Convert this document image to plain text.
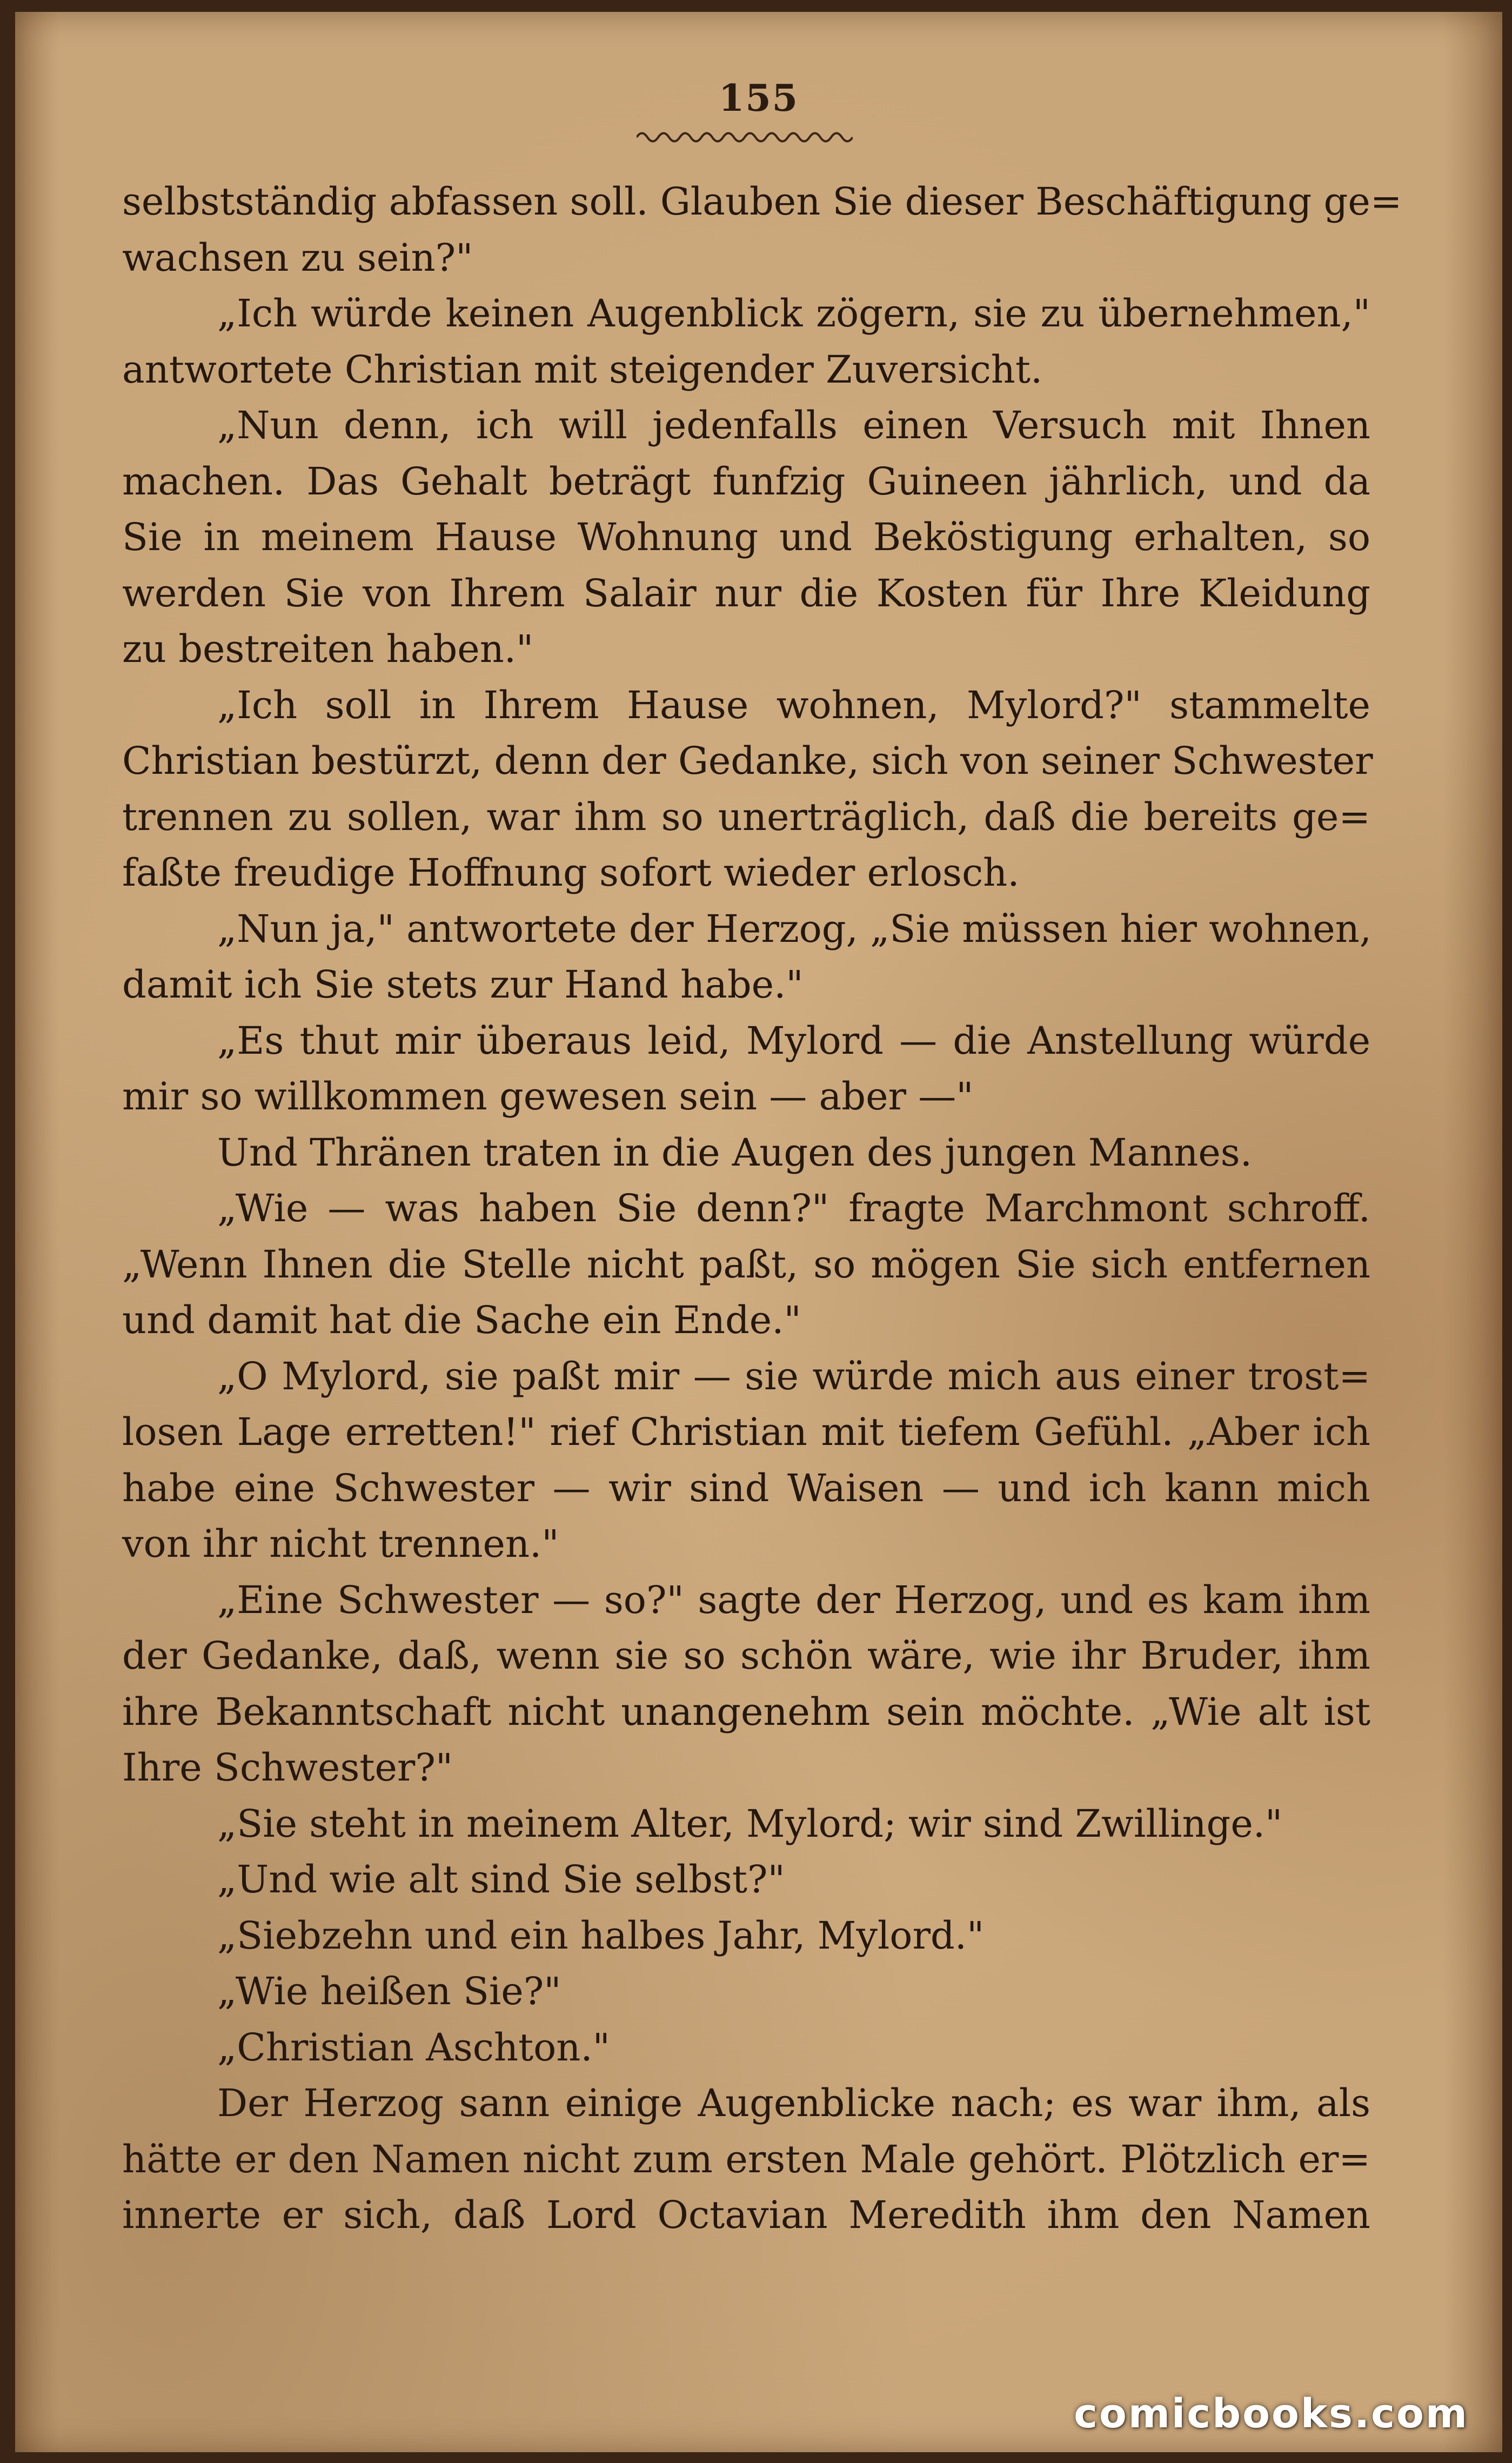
155
selbstständig abfassen soll. Glauben Sie dieser Beschäftigung ge=
wachsen zu sein?"
„Ich würde keinen Augenblick zögern, sie zu übernehmen,"
antwortete Christian mit steigender Zuversicht.
„Nun denn, ich will jedenfalls einen Versuch mit Ihnen
machen. Das Gehalt beträgt funfzig Guineen jährlich, und da
Sie in meinem Hause Wohnung und Beköstigung erhalten, so
werden Sie von Ihrem Salair nur die Kosten für Ihre Kleidung
zu bestreiten haben."
„Ich soll in Ihrem Hause wohnen, Mylord?" stammelte
Christian bestürzt, denn der Gedanke, sich von seiner Schwester
trennen zu sollen, war ihm so unerträglich, daß die bereits ge=
faßte freudige Hoffnung sofort wieder erlosch.
„Nun ja," antwortete der Herzog, „Sie müssen hier wohnen,
damit ich Sie stets zur Hand habe."
„Es thut mir überaus leid, Mylord — die Anstellung würde
mir so willkommen gewesen sein — aber —"
Und Thränen traten in die Augen des jungen Mannes.
„Wie — was haben Sie denn?" fragte Marchmont schroff.
„Wenn Ihnen die Stelle nicht paßt, so mögen Sie sich entfernen
und damit hat die Sache ein Ende."
„O Mylord, sie paßt mir — sie würde mich aus einer trost=
losen Lage erretten!" rief Christian mit tiefem Gefühl. „Aber ich
habe eine Schwester — wir sind Waisen — und ich kann mich
von ihr nicht trennen."
„Eine Schwester — so?" sagte der Herzog, und es kam ihm
der Gedanke, daß, wenn sie so schön wäre, wie ihr Bruder, ihm
ihre Bekanntschaft nicht unangenehm sein möchte. „Wie alt ist
Ihre Schwester?"
„Sie steht in meinem Alter, Mylord; wir sind Zwillinge."
„Und wie alt sind Sie selbst?"
„Siebzehn und ein halbes Jahr, Mylord."
„Wie heißen Sie?"
„Christian Aschton."
Der Herzog sann einige Augenblicke nach; es war ihm, als
hätte er den Namen nicht zum ersten Male gehört. Plötzlich er=
innerte er sich, daß Lord Octavian Meredith ihm den Namen
comicbooks.com
